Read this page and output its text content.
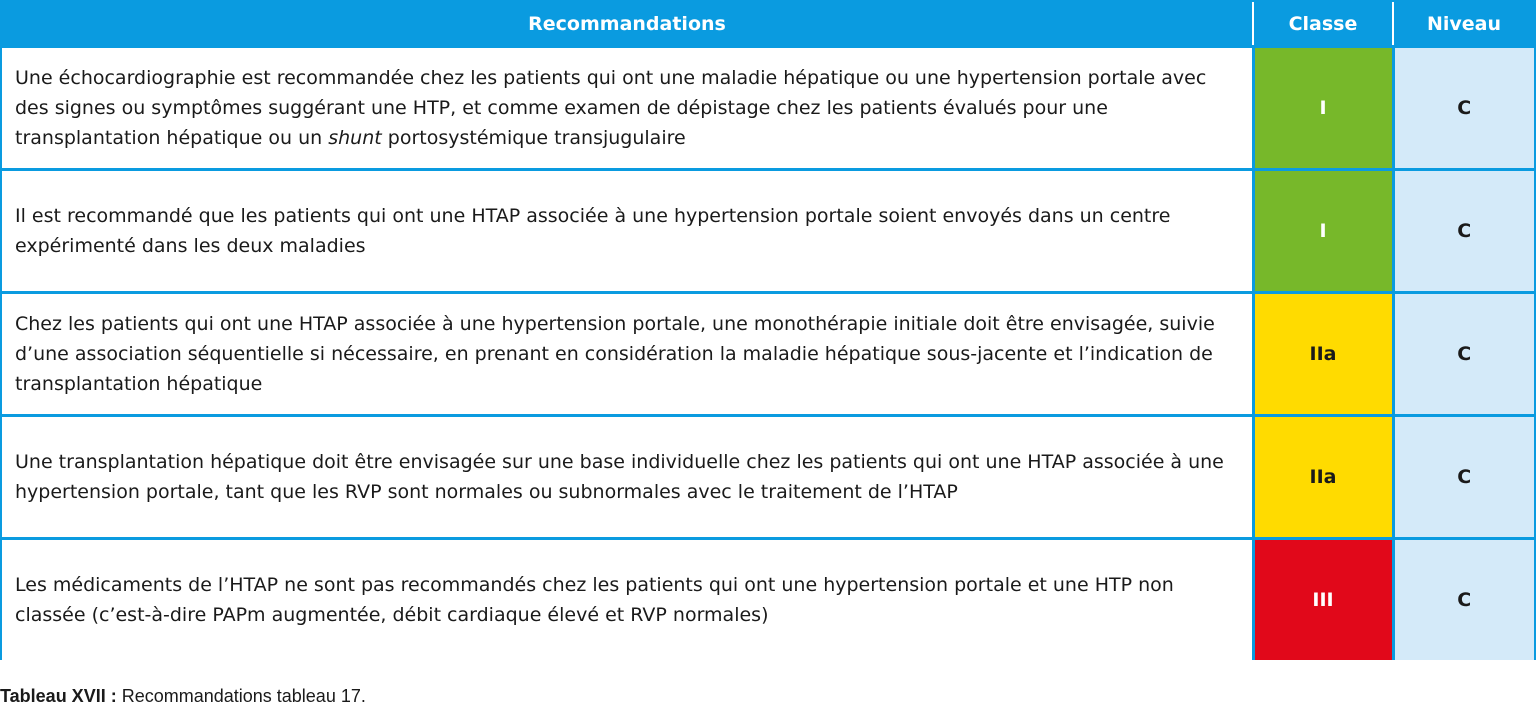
Recommandations	Classe	Niveau
Une échocardiographie est recommandée chez les patients qui ont une maladie hépatique ou une hypertension portale avec des signes ou symptômes suggérant une HTP, et comme examen de dépistage chez les patients évalués pour une transplantation hépatique ou un shunt portosystémique transjugulaire	I	C
Il est recommandé que les patients qui ont une HTAP associée à une hypertension portale soient envoyés dans un centre expérimenté dans les deux maladies	I	C
Chez les patients qui ont une HTAP associée à une hypertension portale, une monothérapie initiale doit être envisagée, suivie d’une association séquentielle si nécessaire, en prenant en considération la maladie hépatique sous-jacente et l’indication de transplantation hépatique	IIa	C
Une transplantation hépatique doit être envisagée sur une base individuelle chez les patients qui ont une HTAP associée à une hypertension portale, tant que les RVP sont normales ou subnormales avec le traitement de l’HTAP	IIa	C
Les médicaments de l’HTAP ne sont pas recommandés chez les patients qui ont une hypertension portale et une HTP non classée (c’est-à-dire PAPm augmentée, débit cardiaque élevé et RVP normales)	III	C
Tableau XVII : Recommandations tableau 17.
